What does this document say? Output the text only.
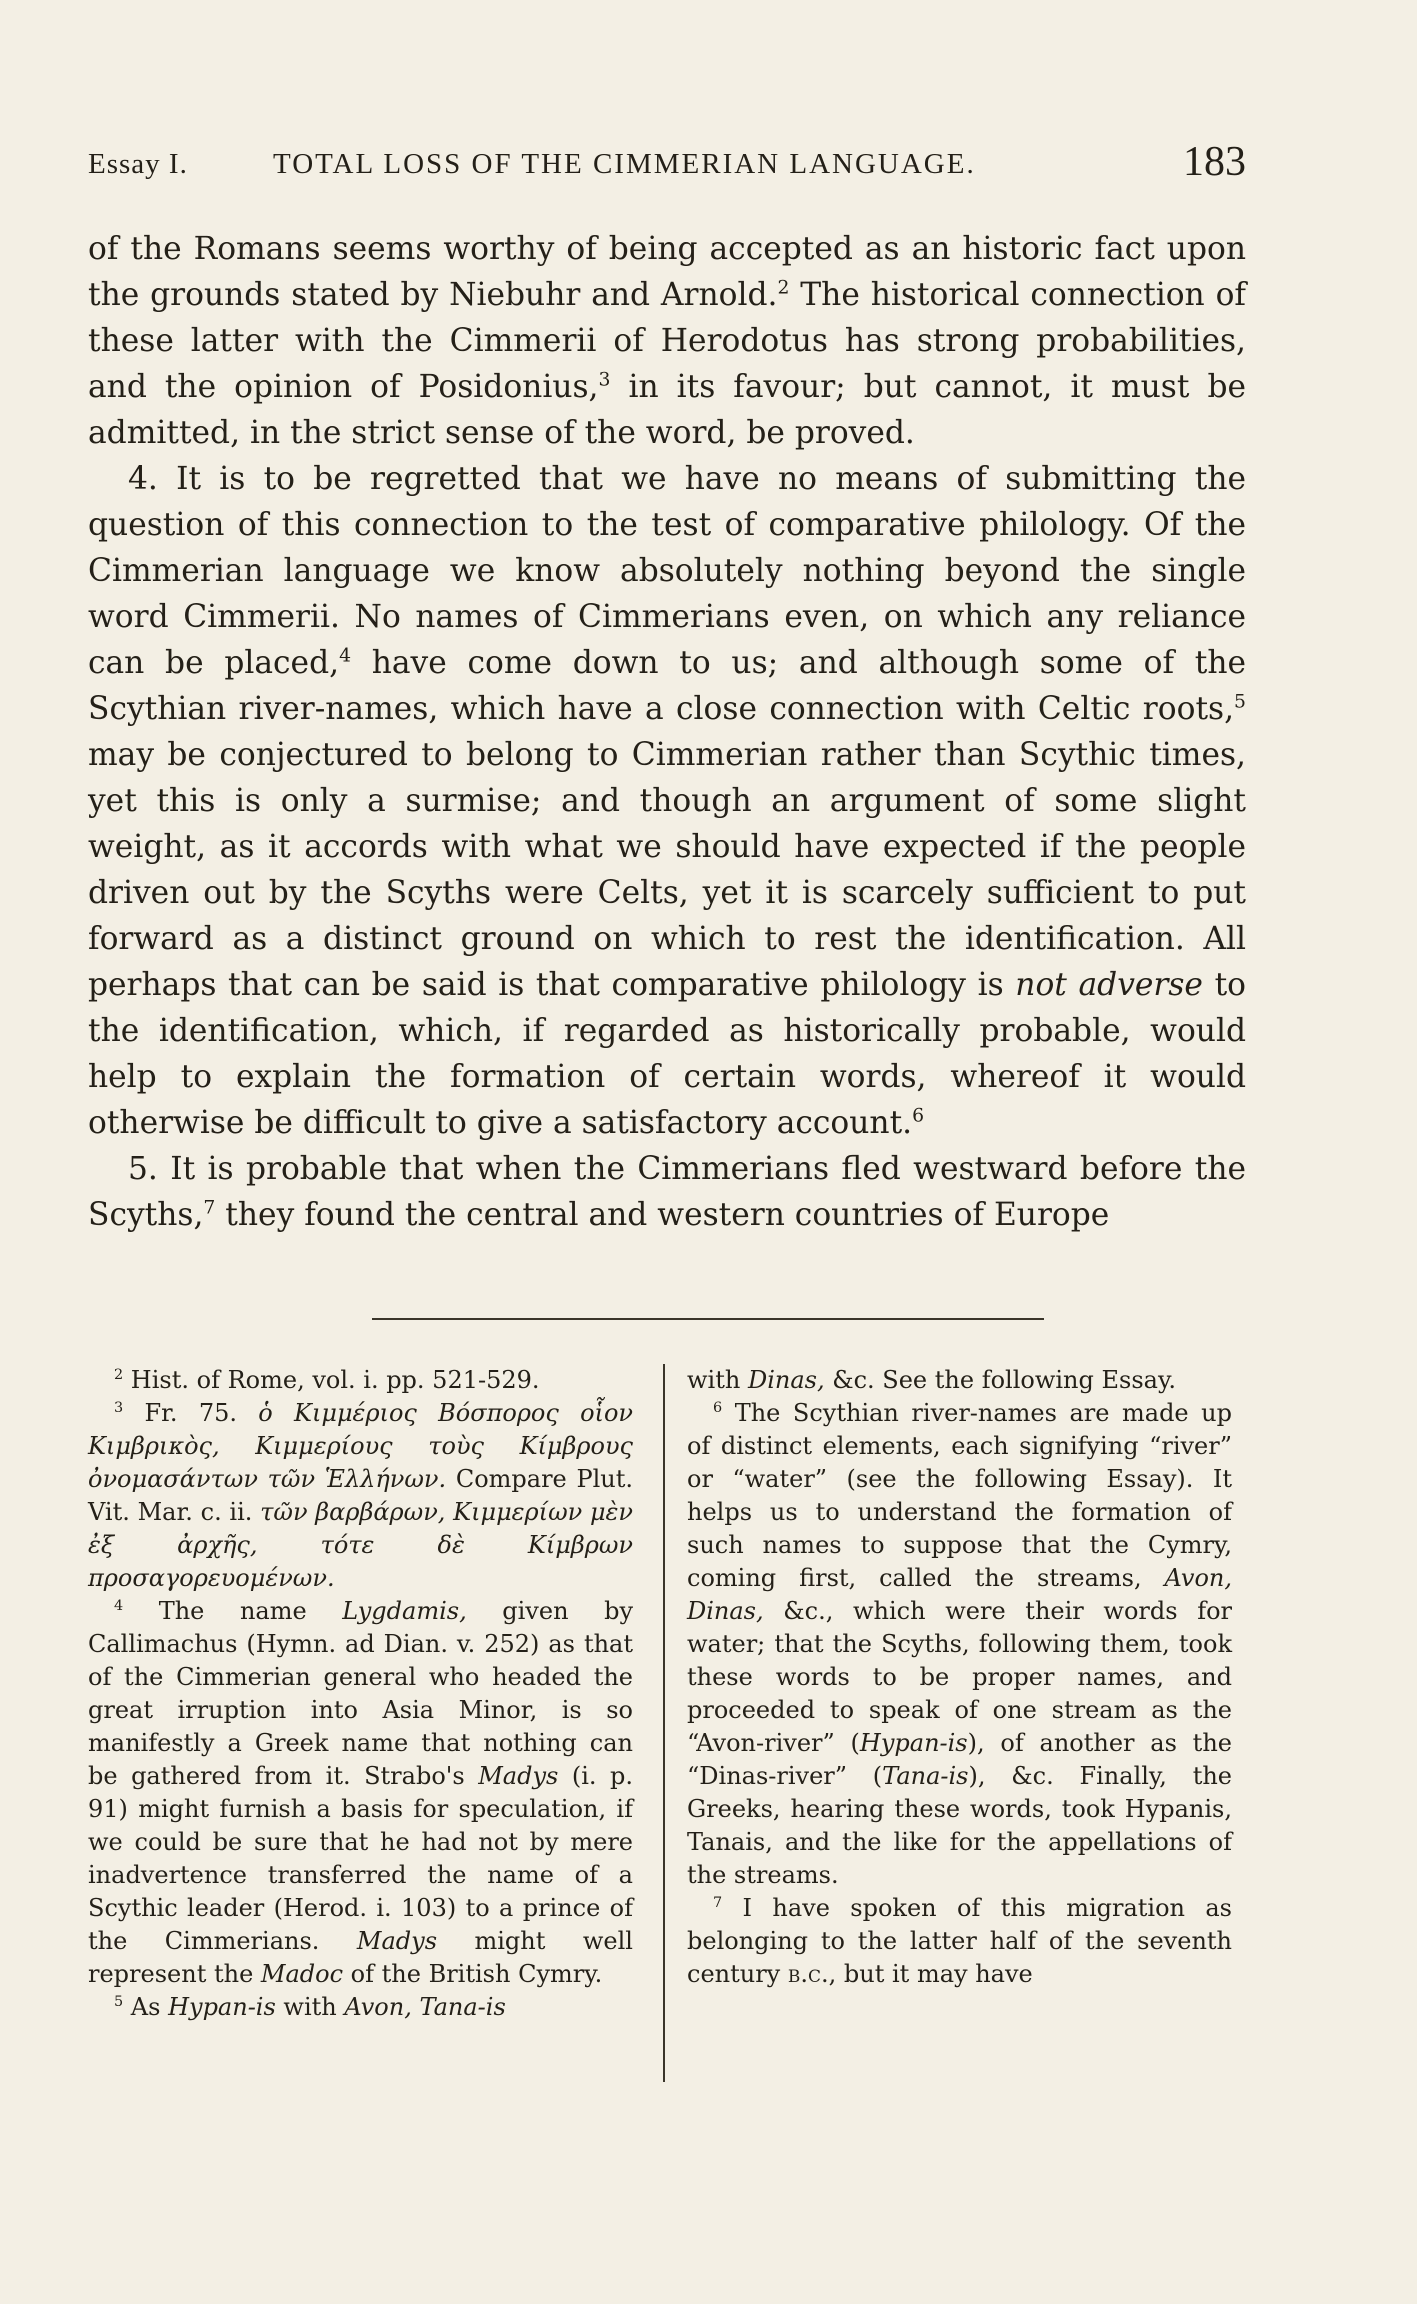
Essay I.	TOTAL LOSS OF THE CIMMERIAN LANGUAGE.	183

of the Romans seems worthy of being accepted as an historic fact upon the grounds stated by Niebuhr and Arnold.$^2$ The historical connection of these latter with the Cimmerii of Herodotus has strong probabilities, and the opinion of Posidonius,$^3$ in its favour; but cannot, it must be admitted, in the strict sense of the word, be proved.

4. It is to be regretted that we have no means of submitting the question of this connection to the test of comparative philology. Of the Cimmerian language we know absolutely nothing beyond the single word Cimmerii. No names of Cimmerians even, on which any reliance can be placed,$^4$ have come down to us; and although some of the Scythian river-names, which have a close connection with Celtic roots,$^5$ may be conjectured to belong to Cimmerian rather than Scythic times, yet this is only a surmise; and though an argument of some slight weight, as it accords with what we should have expected if the people driven out by the Scyths were Celts, yet it is scarcely sufficient to put forward as a distinct ground on which to rest the identification. All perhaps that can be said is that comparative philology is not adverse to the identification, which, if regarded as historically probable, would help to explain the formation of certain words, whereof it would otherwise be difficult to give a satisfactory account.$^6$

5. It is probable that when the Cimmerians fled westward before the Scyths,$^7$ they found the central and western countries of Europe

$^2$ Hist. of Rome, vol. i. pp. 521-529.

$^3$ Fr. 75. ὁ Κιμμέριος Βόσπορος οἷον Κιμβρικὸς, Κιμμερίους τοὺς Κίμβρους ὀνομασάντων τῶν Ἑλλήνων. Compare Plut. Vit. Mar. c. ii. τῶν βαρβάρων, Κιμμερίων μὲν ἐξ ἀρχῆς, τότε δὲ Κίμβρων προσαγορευομένων.

$^4$ The name Lygdamis, given by Callimachus (Hymn. ad Dian. v. 252) as that of the Cimmerian general who headed the great irruption into Asia Minor, is so manifestly a Greek name that nothing can be gathered from it. Strabo's Madys (i. p. 91) might furnish a basis for speculation, if we could be sure that he had not by mere inadvertence transferred the name of a Scythic leader (Herod. i. 103) to a prince of the Cimmerians. Madys might well represent the Madoc of the British Cymry.

$^5$ As Hypan-is with Avon, Tana-is

with Dinas, &c. See the following Essay.

$^6$ The Scythian river-names are made up of distinct elements, each signifying “river” or “water” (see the following Essay). It helps us to understand the formation of such names to suppose that the Cymry, coming first, called the streams, Avon, Dinas, &c., which were their words for water; that the Scyths, following them, took these words to be proper names, and proceeded to speak of one stream as the “Avon-river” (Hypan-is), of another as the “Dinas-river” (Tana-is), &c. Finally, the Greeks, hearing these words, took Hypanis, Tanais, and the like for the appellations of the streams.

$^7$ I have spoken of this migration as belonging to the latter half of the seventh century b.c., but it may have
